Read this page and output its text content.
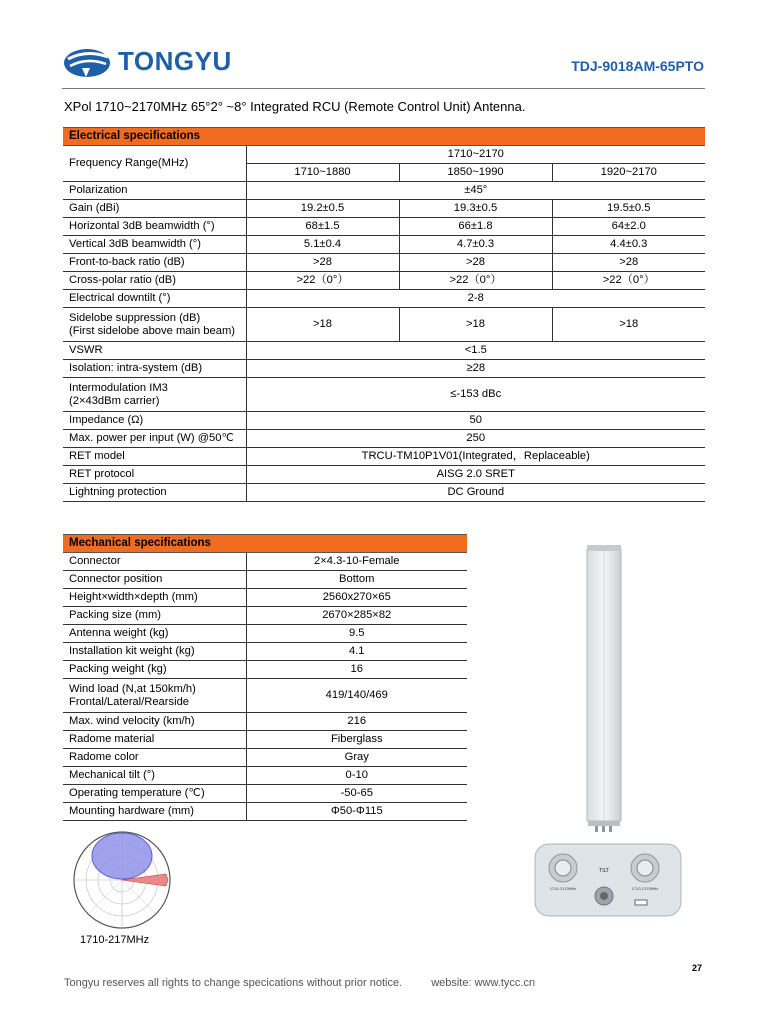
TONGYU	TDJ-9018AM-65PTO
XPol 1710~2170MHz 65°2° ~8° Integrated RCU (Remote Control Unit) Antenna.
Electrical specifications			
Frequency Range(MHz)	1710~2170		
	1710~1880	1850~1990	1920~2170
Polarization	±45°		
Gain (dBi)	19.2±0.5	19.3±0.5	19.5±0.5
Horizontal 3dB beamwidth (°)	68±1.5	66±1.8	64±2.0
Vertical 3dB beamwidth (°)	5.1±0.4	4.7±0.3	4.4±0.3
Front-to-back ratio (dB)	>28	>28	>28
Cross-polar ratio (dB)	>22（0°）	>22（0°）	>22（0°）
Electrical downtilt (°)	2-8		
Sidelobe suppression (dB)
(First sidelobe above main beam)	>18	>18	>18
VSWR	<1.5		
Isolation: intra-system (dB)	≥28		
Intermodulation IM3
(2×43dBm carrier)	≤-153 dBc		
Impedance (Ω)	50		
Max. power per input (W) @50℃	250		
RET model	TRCU-TM10P1V01(Integrated，Replaceable)		
RET protocol	AISG 2.0 SRET		
Lightning protection	DC Ground		
Mechanical specifications	
Connector	2×4.3-10-Female
Connector position	Bottom
Height×width×depth (mm)	2560x270×65
Packing size (mm)	2670×285×82
Antenna weight (kg)	9.5
Installation kit weight (kg)	4.1
Packing weight (kg)	16
Wind load (N,at 150km/h)
Frontal/Lateral/Rearside	419/140/469
Max. wind velocity (km/h)	216
Radome material	Fiberglass
Radome color	Gray
Mechanical tilt (°)	0-10
Operating temperature (℃)	-50-65
Mounting hardware (mm)	Φ50-Φ115
1710-217MHz
TILT
1710-2170MHz	1710-2170MHz
27
Tongyu reserves all rights to change specications without prior notice.	website: www.tycc.cn
